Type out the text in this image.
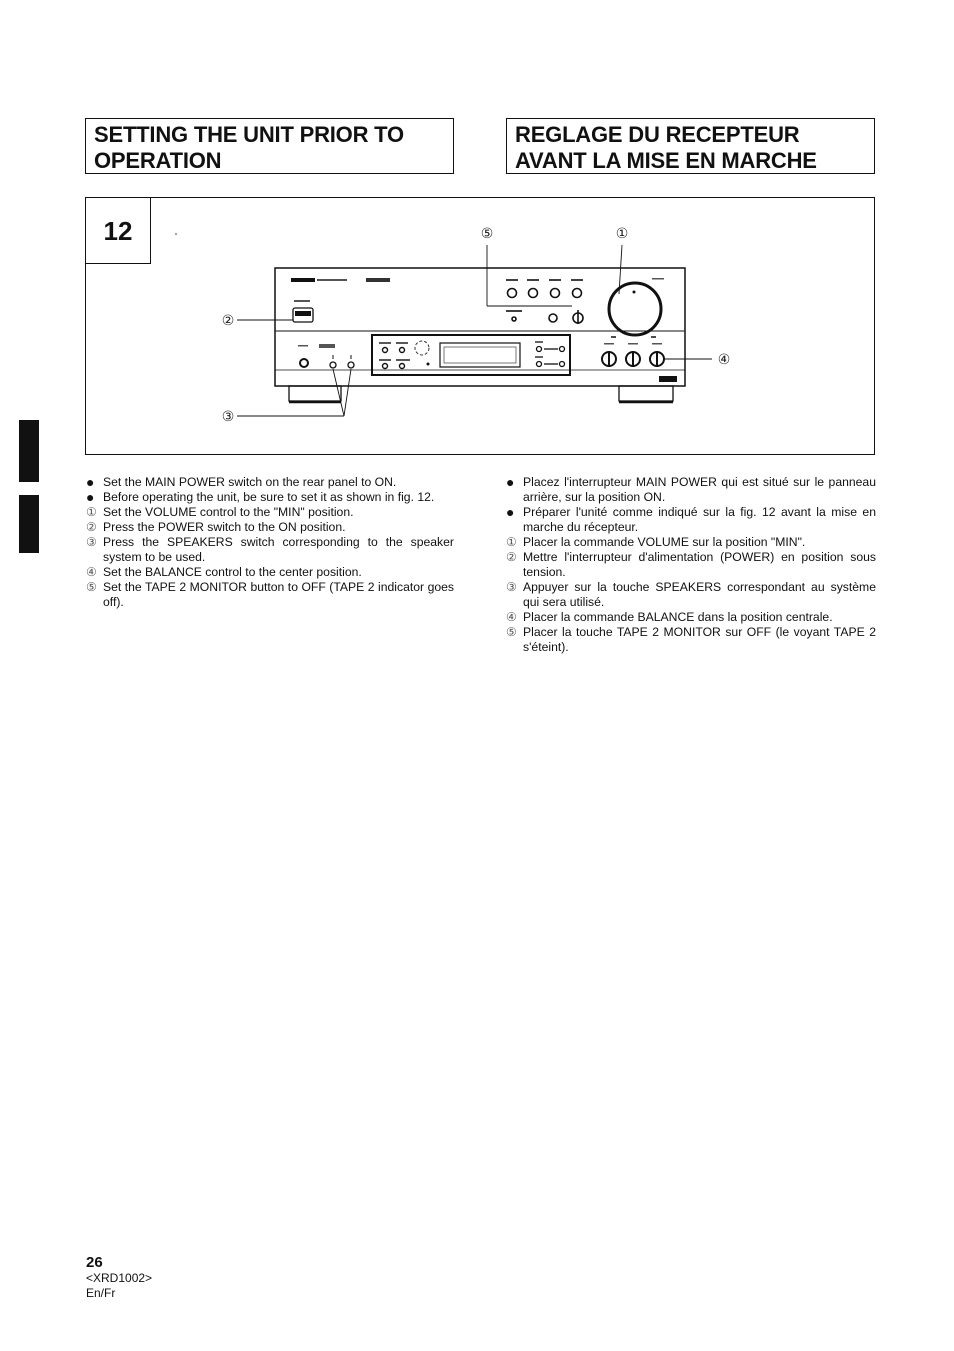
SETTING THE UNIT PRIOR TO OPERATION
REGLAGE DU RECEPTEUR AVANT LA MISE EN MARCHE
12	⑤	①
②
④
③
● Set the MAIN POWER switch on the rear panel to ON.
● Before operating the unit, be sure to set it as shown in fig. 12.
① Set the VOLUME control to the "MIN" position.
② Press the POWER switch to the ON position.
③ Press the SPEAKERS switch corresponding to the speaker system to be used.
④ Set the BALANCE control to the center position.
⑤ Set the TAPE 2 MONITOR button to OFF (TAPE 2 indicator goes off).
● Placez l'interrupteur MAIN POWER qui est situé sur le panneau arrière, sur la position ON.
● Préparer l'unité comme indiqué sur la fig. 12 avant la mise en marche du récepteur.
① Placer la commande VOLUME sur la position "MIN".
② Mettre l'interrupteur d'alimentation (POWER) en position sous tension.
③ Appuyer sur la touche SPEAKERS correspondant au système qui sera utilisé.
④ Placer la commande BALANCE dans la position centrale.
⑤ Placer la touche TAPE 2 MONITOR sur OFF (le voyant TAPE 2 s'éteint).
26
<XRD1002>
En/Fr
